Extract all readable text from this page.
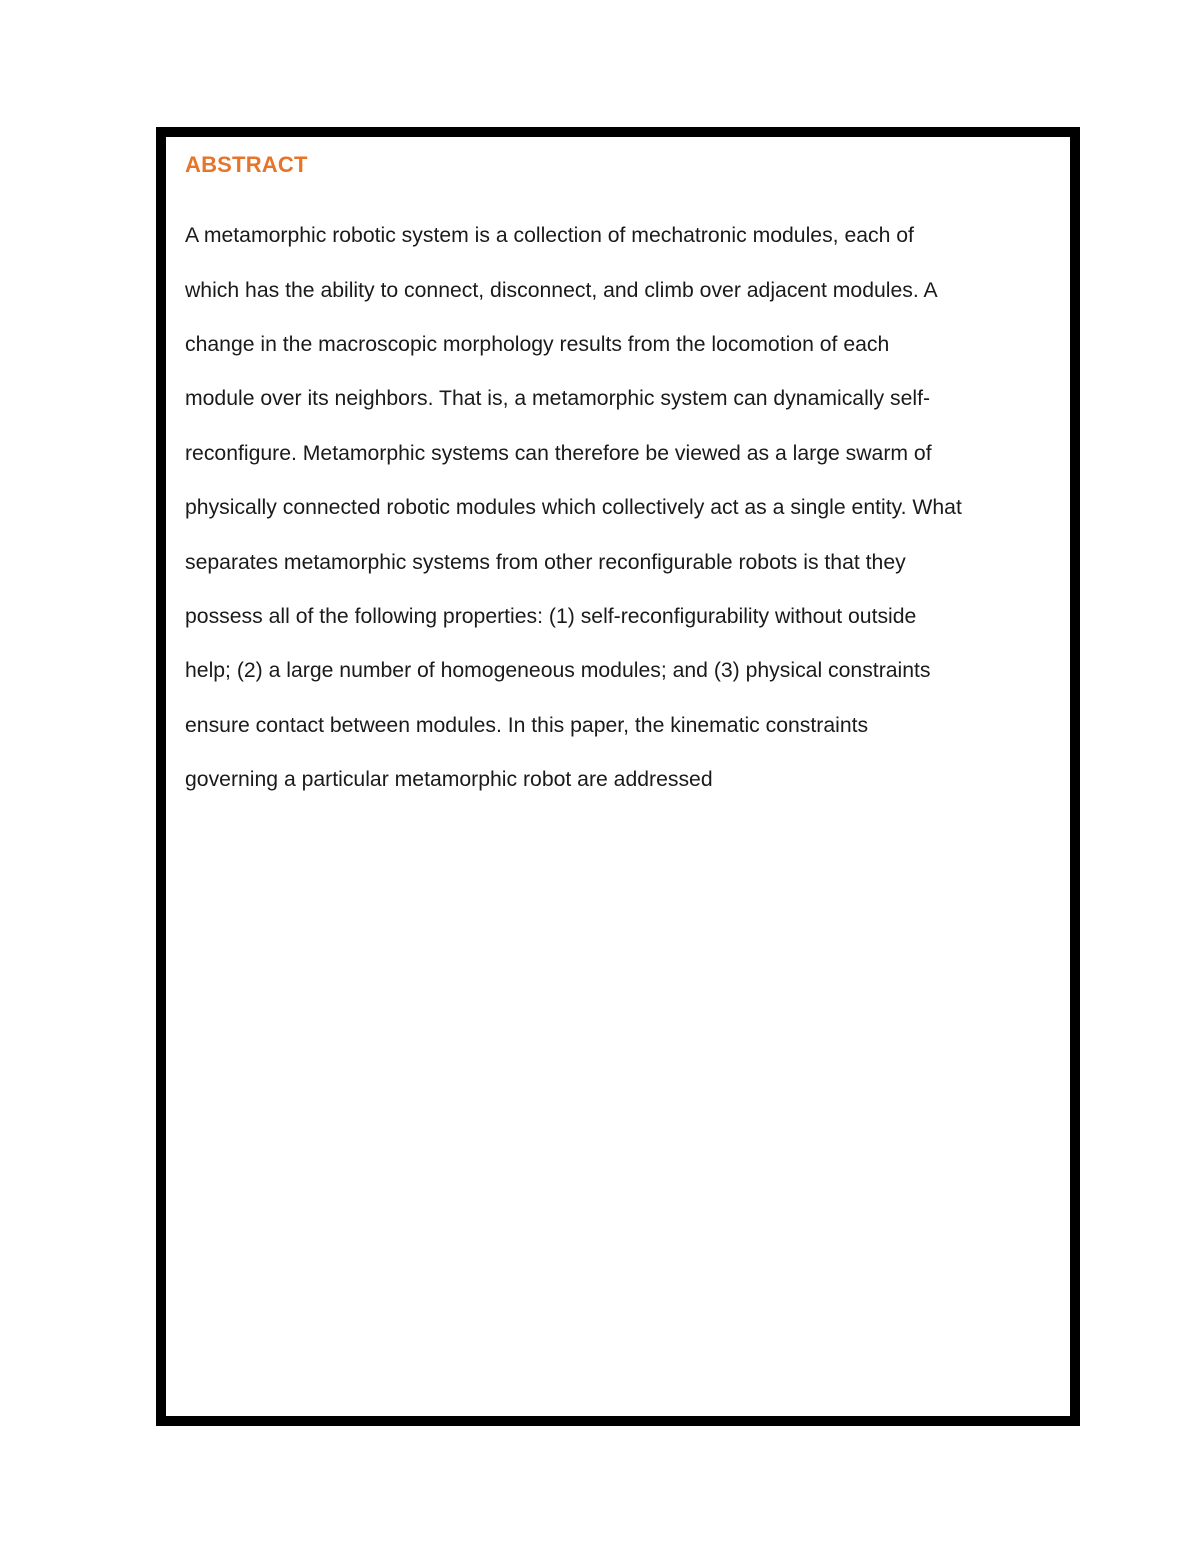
ABSTRACT

A metamorphic robotic system is a collection of mechatronic modules, each of

which has the ability to connect, disconnect, and climb over adjacent modules. A

change in the macroscopic morphology results from the locomotion of each

module over its neighbors. That is, a metamorphic system can dynamically self-

reconfigure. Metamorphic systems can therefore be viewed as a large swarm of

physically connected robotic modules which collectively act as a single entity. What

separates metamorphic systems from other reconfigurable robots is that they

possess all of the following properties: (1) self-reconfigurability without outside

help; (2) a large number of homogeneous modules; and (3) physical constraints

ensure contact between modules. In this paper, the kinematic constraints

governing a particular metamorphic robot are addressed
